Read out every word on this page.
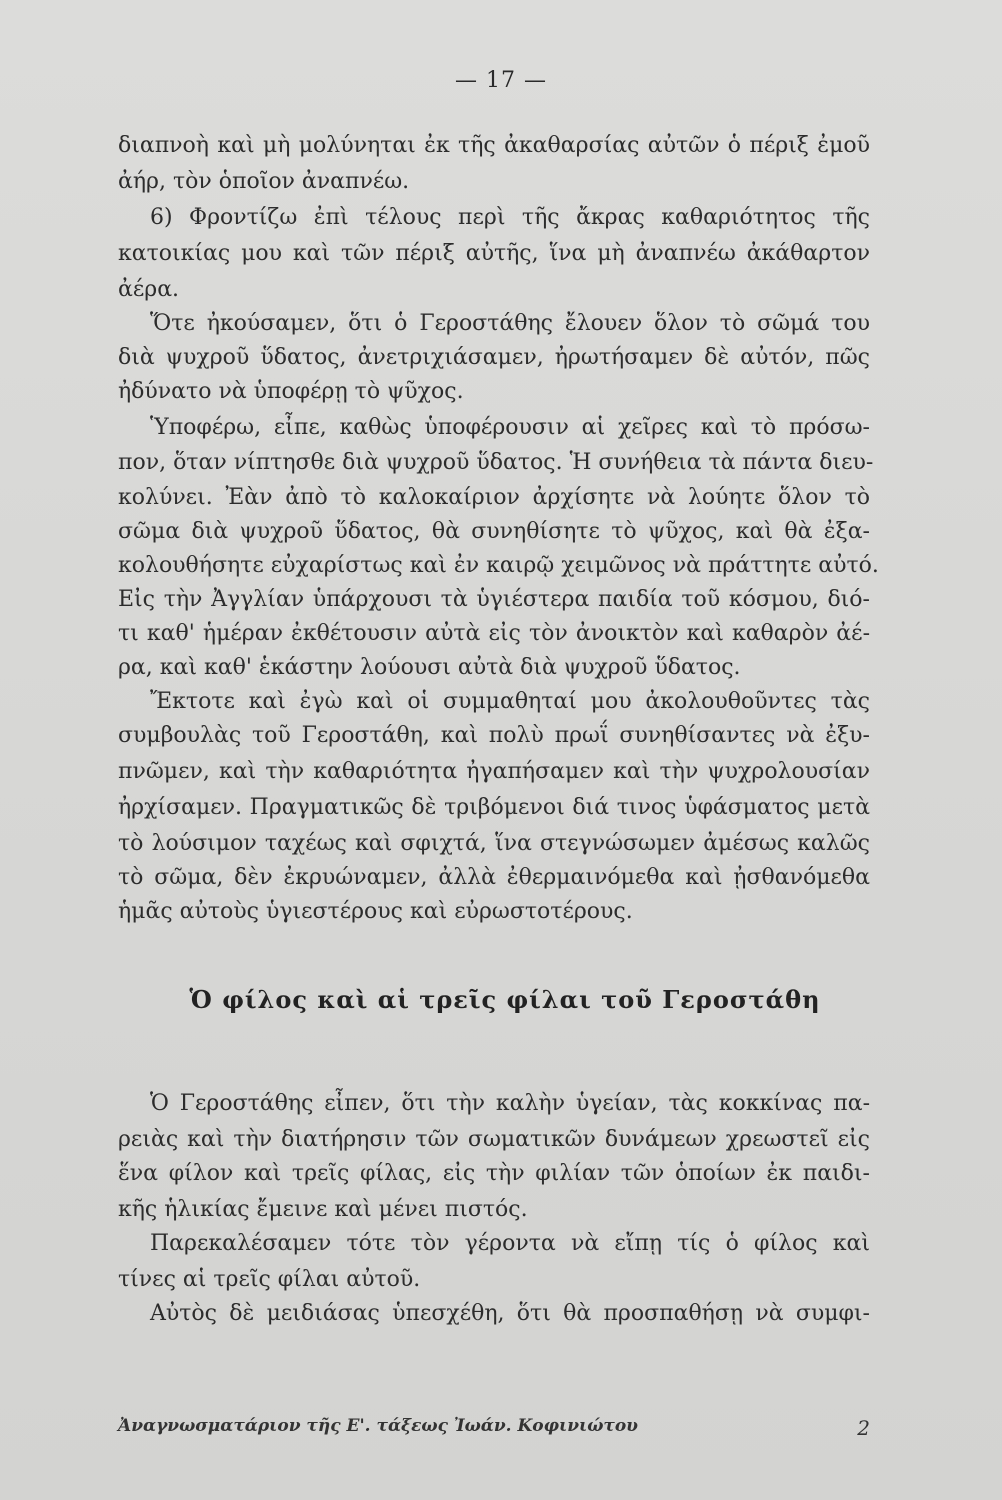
— 17 —
διαπνοὴ καὶ μὴ μολύνηται ἐκ τῆς ἀκαθαρσίας αὐτῶν ὁ πέριξ ἐμοῦ
ἀήρ, τὸν ὁποῖον ἀναπνέω.
6) Φροντίζω ἐπὶ τέλους περὶ τῆς ἄκρας καθαριότητος τῆς
κατοικίας μου καὶ τῶν πέριξ αὐτῆς, ἵνα μὴ ἀναπνέω ἀκάθαρτον
ἀέρα.
Ὅτε ἠκούσαμεν, ὅτι ὁ Γεροστάθης ἔλουεν ὅλον τὸ σῶμά του
διὰ ψυχροῦ ὕδατος, ἀνετριχιάσαμεν, ἠρωτήσαμεν δὲ αὐτόν, πῶς
ἠδύνατο νὰ ὑποφέρῃ τὸ ψῦχος.
Ὑποφέρω, εἶπε, καθὼς ὑποφέρουσιν αἱ χεῖρες καὶ τὸ πρόσω-
πον, ὅταν νίπτησθε διὰ ψυχροῦ ὕδατος. Ἡ συνήθεια τὰ πάντα διευ-
κολύνει. Ἐὰν ἀπὸ τὸ καλοκαίριον ἀρχίσητε νὰ λούητε ὅλον τὸ
σῶμα διὰ ψυχροῦ ὕδατος, θὰ συνηθίσητε τὸ ψῦχος, καὶ θὰ ἐξα-
κολουθήσητε εὐχαρίστως καὶ ἐν καιρῷ χειμῶνος νὰ πράττητε αὐτό.
Εἰς τὴν Ἀγγλίαν ὑπάρχουσι τὰ ὑγιέστερα παιδία τοῦ κόσμου, διό-
τι καθ' ἡμέραν ἐκθέτουσιν αὐτὰ εἰς τὸν ἀνοικτὸν καὶ καθαρὸν ἀέ-
ρα, καὶ καθ' ἑκάστην λούουσι αὐτὰ διὰ ψυχροῦ ὕδατος.
Ἔκτοτε καὶ ἐγὼ καὶ οἱ συμμαθηταί μου ἀκολουθοῦντες τὰς
συμβουλὰς τοῦ Γεροστάθη, καὶ πολὺ πρωΐ συνηθίσαντες νὰ ἐξυ-
πνῶμεν, καὶ τὴν καθαριότητα ἠγαπήσαμεν καὶ τὴν ψυχρολουσίαν
ἠρχίσαμεν. Πραγματικῶς δὲ τριβόμενοι διά τινος ὑφάσματος μετὰ
τὸ λούσιμον ταχέως καὶ σφιχτά, ἵνα στεγνώσωμεν ἀμέσως καλῶς
τὸ σῶμα, δὲν ἐκρυώναμεν, ἀλλὰ ἐθερμαινόμεθα καὶ ᾐσθανόμεθα
ἡμᾶς αὐτοὺς ὑγιεστέρους καὶ εὐρωστοτέρους.
Ὁ φίλος καὶ αἱ τρεῖς φίλαι τοῦ Γεροστάθη
Ὁ Γεροστάθης εἶπεν, ὅτι τὴν καλὴν ὑγείαν, τὰς κοκκίνας πα-
ρειὰς καὶ τὴν διατήρησιν τῶν σωματικῶν δυνάμεων χρεωστεῖ εἰς
ἕνα φίλον καὶ τρεῖς φίλας, εἰς τὴν φιλίαν τῶν ὁποίων ἐκ παιδι-
κῆς ἡλικίας ἔμεινε καὶ μένει πιστός.
Παρεκαλέσαμεν τότε τὸν γέροντα νὰ εἴπῃ τίς ὁ φίλος καὶ
τίνες αἱ τρεῖς φίλαι αὐτοῦ.
Αὐτὸς δὲ μειδιάσας ὑπεσχέθη, ὅτι θὰ προσπαθήσῃ νὰ συμφι-
Ἀναγνωσματάριον τῆς Ε'. τάξεως Ἰωάν. Κοφινιώτου	2
